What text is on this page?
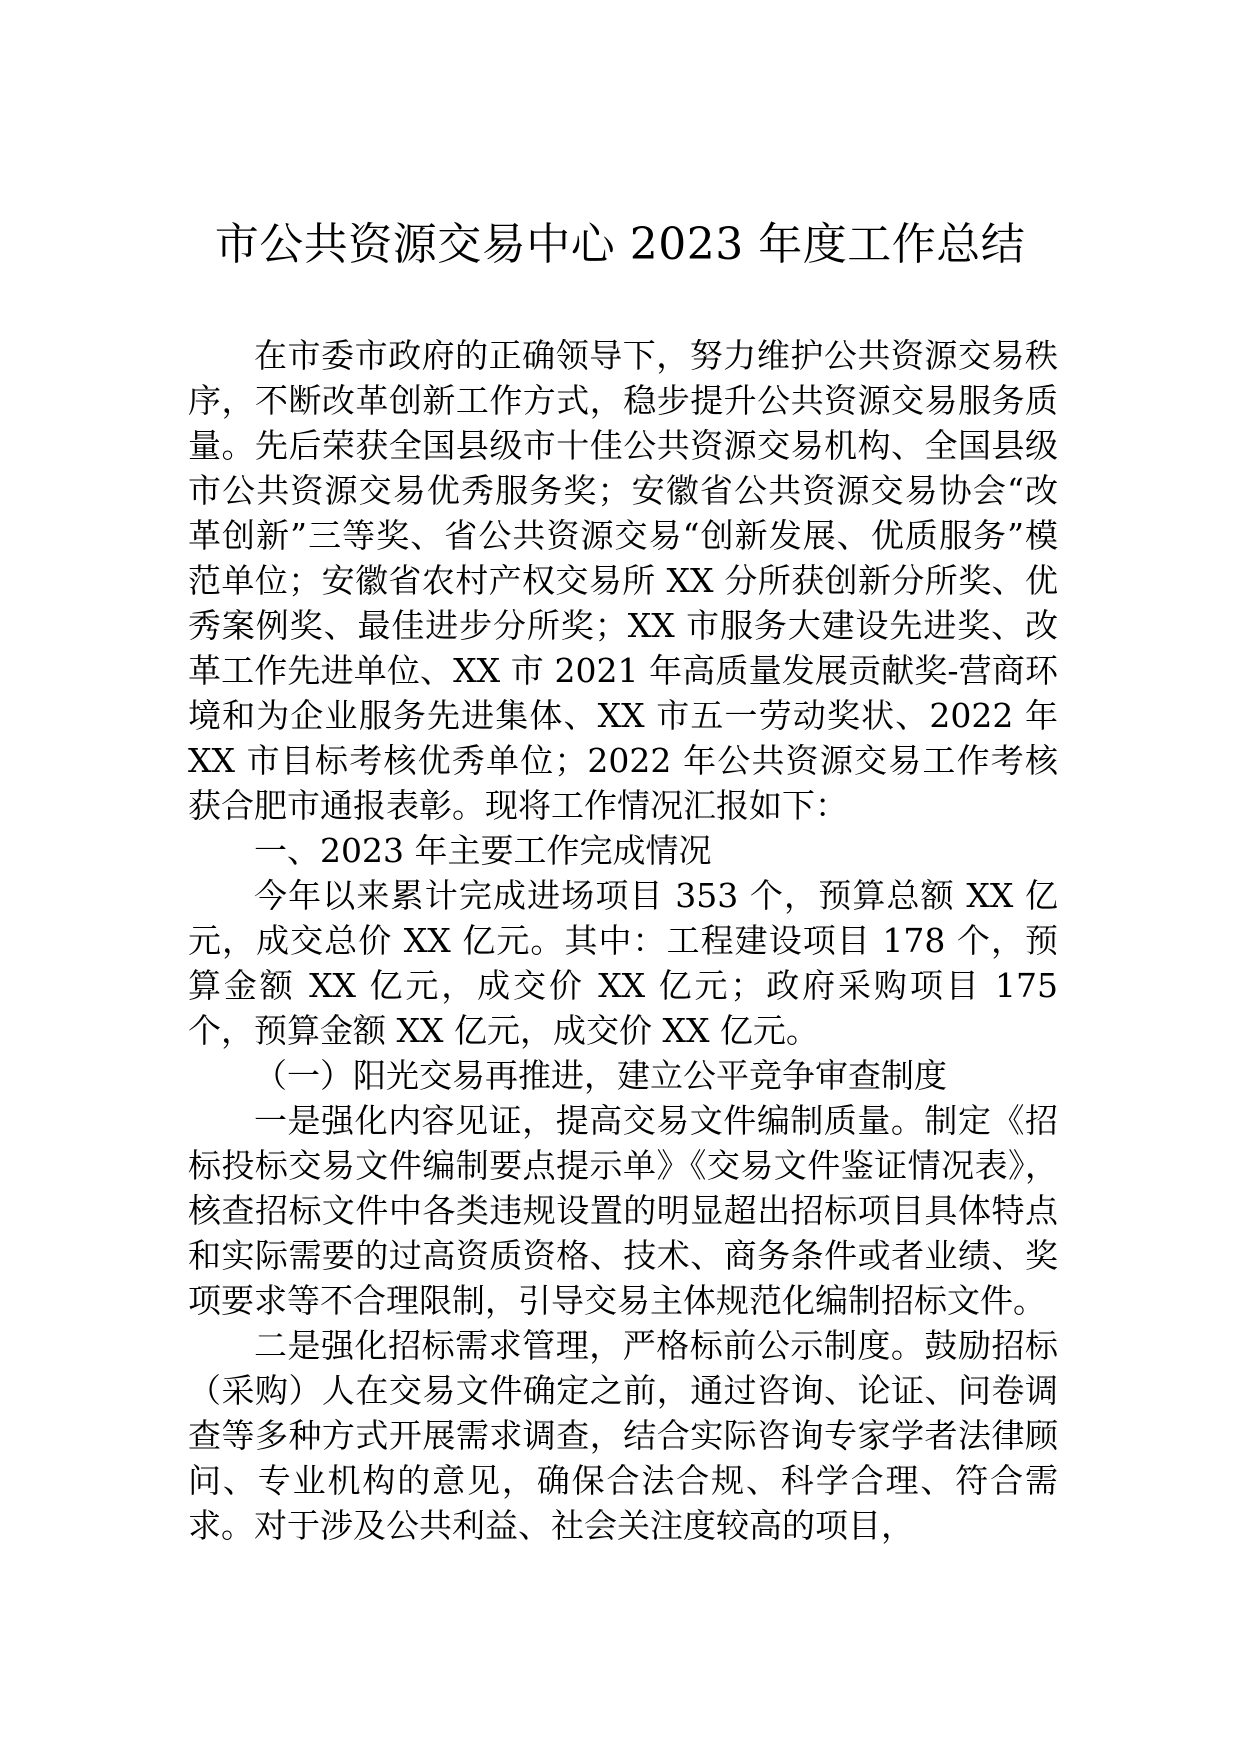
市公共资源交易中心 2023 年度工作总结

在市委市政府的正确领导下，努力维护公共资源交易秩序，不断改革创新工作方式，稳步提升公共资源交易服务质量。先后荣获全国县级市十佳公共资源交易机构、全国县级市公共资源交易优秀服务奖；安徽省公共资源交易协会“改革创新”三等奖、省公共资源交易“创新发展、优质服务”模范单位；安徽省农村产权交易所 XX 分所获创新分所奖、优秀案例奖、最佳进步分所奖；XX 市服务大建设先进奖、改革工作先进单位、XX 市 2021 年高质量发展贡献奖-营商环境和为企业服务先进集体、XX 市五一劳动奖状、2022 年 XX 市目标考核优秀单位；2022 年公共资源交易工作考核获合肥市通报表彰。现将工作情况汇报如下：

一、2023 年主要工作完成情况

今年以来累计完成进场项目 353 个，预算总额 XX 亿元，成交总价 XX 亿元。其中：工程建设项目 178 个，预算金额 XX 亿元，成交价 XX 亿元；政府采购项目 175 个，预算金额 XX 亿元，成交价 XX 亿元。

（一）阳光交易再推进，建立公平竞争审查制度

一是强化内容见证，提高交易文件编制质量。制定《招标投标交易文件编制要点提示单》《交易文件鉴证情况表》，核查招标文件中各类违规设置的明显超出招标项目具体特点和实际需要的过高资质资格、技术、商务条件或者业绩、奖项要求等不合理限制，引导交易主体规范化编制招标文件。

二是强化招标需求管理，严格标前公示制度。鼓励招标（采购）人在交易文件确定之前，通过咨询、论证、问卷调查等多种方式开展需求调查，结合实际咨询专家学者法律顾问、专业机构的意见，确保合法合规、科学合理、符合需求。对于涉及公共利益、社会关注度较高的项目，
